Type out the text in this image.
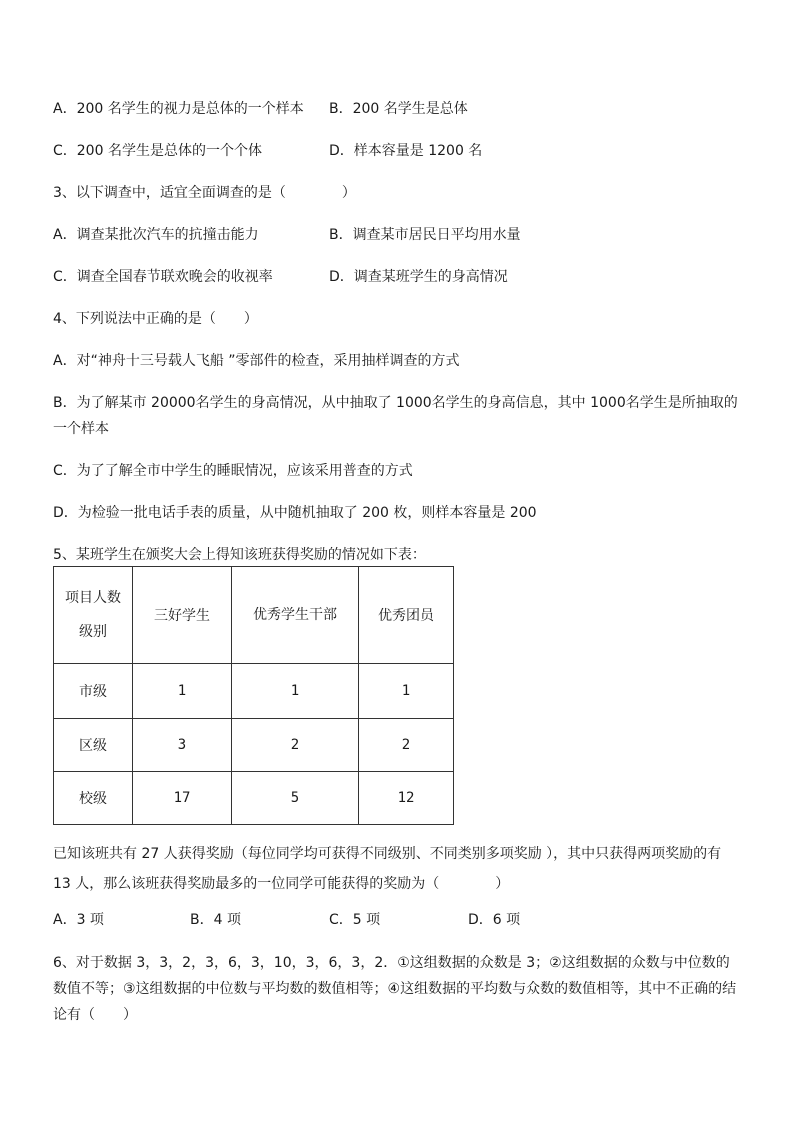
A．200 名学生的视力是总体的一个样本 B．200 名学生是总体
C．200 名学生是总体的一个个体	D．样本容量是 1200 名
3、以下调查中，适宜全面调查的是（　　　　）
A．调查某批次汽车的抗撞击能力	B．调查某市居民日平均用水量
C．调查全国春节联欢晚会的收视率	D．调查某班学生的身高情况
4、下列说法中正确的是（　　）
A．对“神舟十三号载人飞船 ”零部件的检查，采用抽样调查的方式
B．为了解某市 20000名学生的身高情况，从中抽取了 1000名学生的身高信息，其中 1000名学生是所抽取的一个样本
C．为了了解全市中学生的睡眠情况，应该采用普查的方式
D．为检验一批电话手表的质量，从中随机抽取了 200 枚，则样本容量是 200
5、某班学生在颁奖大会上得知该班获得奖励的情况如下表：
项目人数
级别	三好学生	优秀学生干部	优秀团员
市级	1	1	1
区级	3	2	2
校级	17	5	12
已知该班共有 27 人获得奖励（每位同学均可获得不同级别、不同类别多项奖励 ），其中只获得两项奖励的有 13 人，那么该班获得奖励最多的一位同学可能获得的奖励为（　　　　）
A．3 项	B．4 项	C．5 项	D．6 项
6、对于数据 3，3，2，3，6，3，10，3，6，3，2．①这组数据的众数是 3；②这组数据的众数与中位数的数值不等；③这组数据的中位数与平均数的数值相等；④这组数据的平均数与众数的数值相等，其中不正确的结论有（　　）
